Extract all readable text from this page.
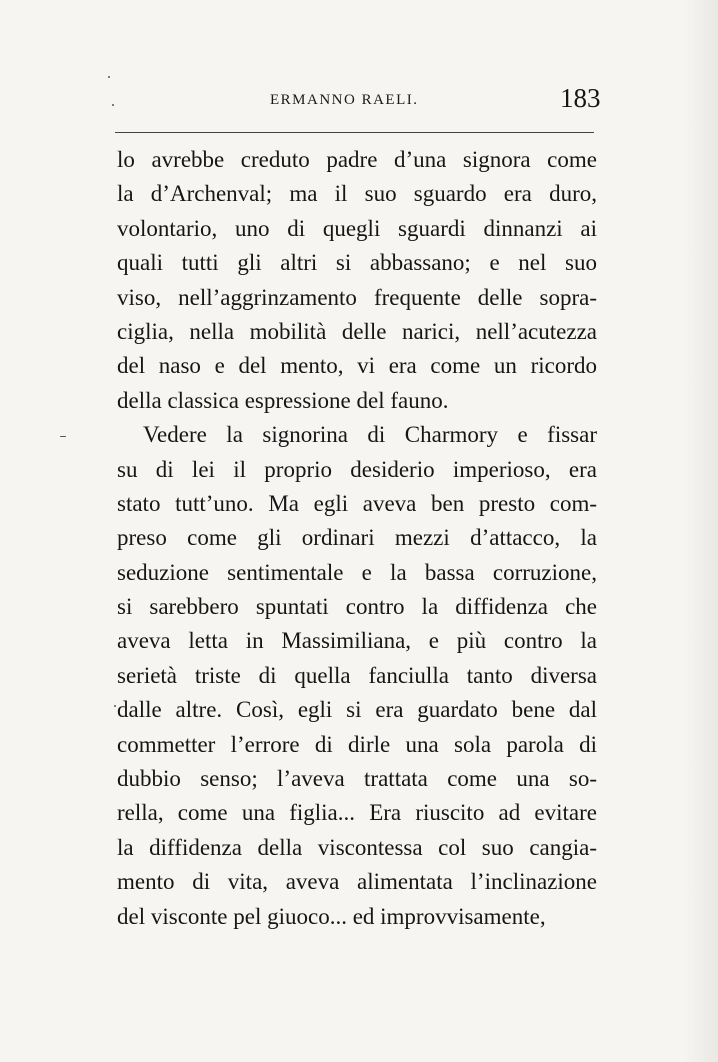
ERMANNO RAELI.	183
lo avrebbe creduto padre d’una signora come
la d’Archenval; ma il suo sguardo era duro,
volontario, uno di quegli sguardi dinnanzi ai
quali tutti gli altri si abbassano; e nel suo
viso, nell’aggrinzamento frequente delle sopra-
ciglia, nella mobilità delle narici, nell’acutezza
del naso e del mento, vi era come un ricordo
della classica espressione del fauno.
Vedere la signorina di Charmory e fissar
su di lei il proprio desiderio imperioso, era
stato tutt’uno. Ma egli aveva ben presto com-
preso come gli ordinari mezzi d’attacco, la
seduzione sentimentale e la bassa corruzione,
si sarebbero spuntati contro la diffidenza che
aveva letta in Massimiliana, e più contro la
serietà triste di quella fanciulla tanto diversa
dalle altre. Così, egli si era guardato bene dal
commetter l’errore di dirle una sola parola di
dubbio senso; l’aveva trattata come una so-
rella, come una figlia... Era riuscito ad evitare
la diffidenza della viscontessa col suo cangia-
mento di vita, aveva alimentata l’inclinazione
del visconte pel giuoco... ed improvvisamente,
